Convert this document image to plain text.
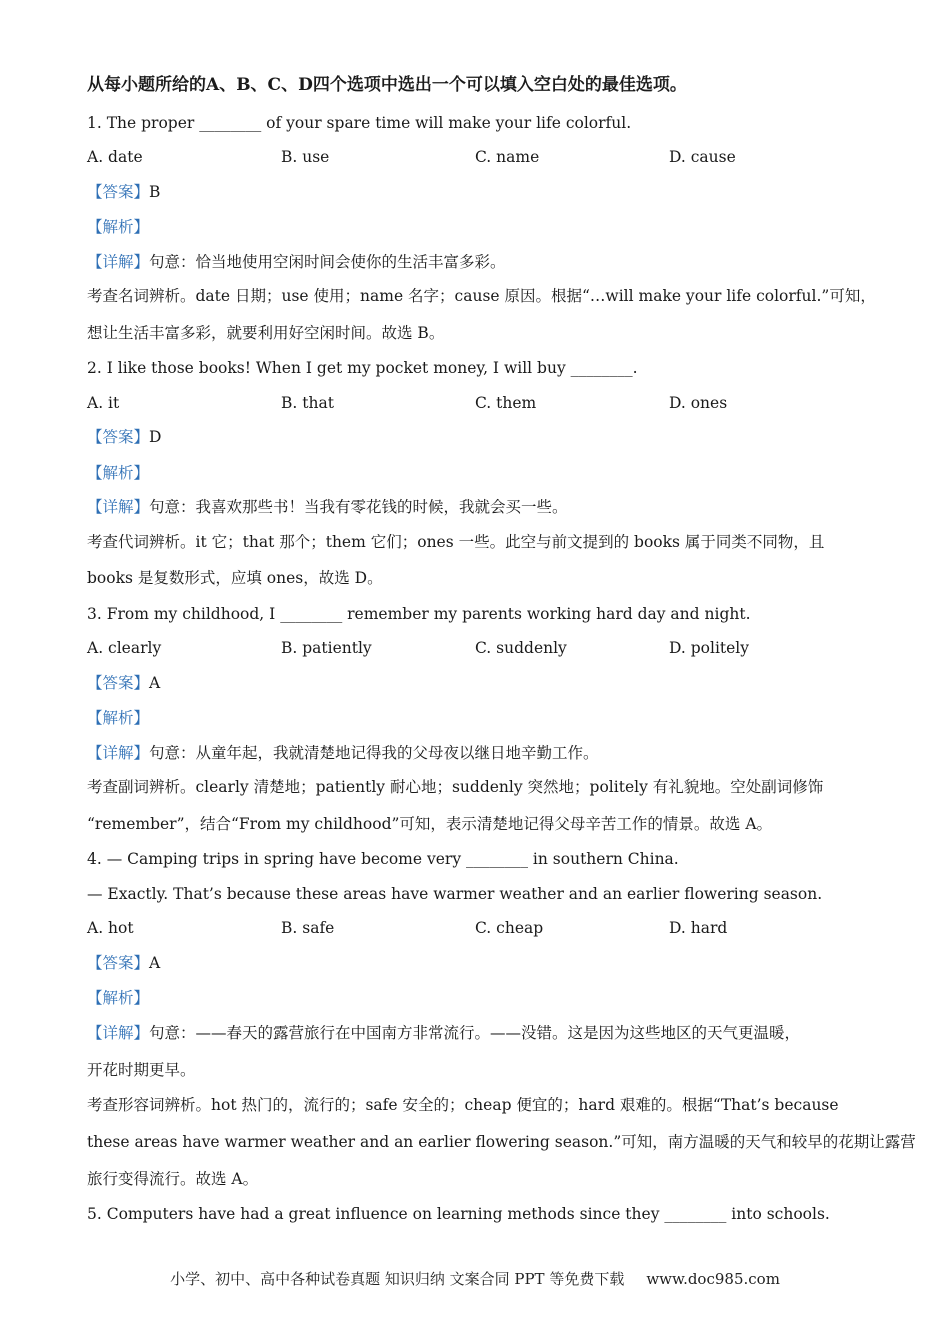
从每小题所给的A、B、C、D四个选项中选出一个可以填入空白处的最佳选项。
1. The proper ________ of your spare time will make your life colorful.
A. date	B. use	C. name	D. cause
【答案】B
【解析】
【详解】句意：恰当地使用空闲时间会使你的生活丰富多彩。
考查名词辨析。date 日期；use 使用；name 名字；cause 原因。根据“…will make your life colorful.”可知，
想让生活丰富多彩，就要利用好空闲时间。故选 B。
2. I like those books! When I get my pocket money, I will buy ________.
A. it	B. that	C. them	D. ones
【答案】D
【解析】
【详解】句意：我喜欢那些书！当我有零花钱的时候，我就会买一些。
考查代词辨析。it 它；that 那个；them 它们；ones 一些。此空与前文提到的 books 属于同类不同物，且
books 是复数形式，应填 ones，故选 D。
3. From my childhood, I ________ remember my parents working hard day and night.
A. clearly	B. patiently	C. suddenly	D. politely
【答案】A
【解析】
【详解】句意：从童年起，我就清楚地记得我的父母夜以继日地辛勤工作。
考查副词辨析。clearly 清楚地；patiently 耐心地；suddenly 突然地；politely 有礼貌地。空处副词修饰
“remember”，结合“From my childhood”可知，表示清楚地记得父母辛苦工作的情景。故选 A。
4. — Camping trips in spring have become very ________ in southern China.
— Exactly. That’s because these areas have warmer weather and an earlier flowering season.
A. hot	B. safe	C. cheap	D. hard
【答案】A
【解析】
【详解】句意：——春天的露营旅行在中国南方非常流行。——没错。这是因为这些地区的天气更温暖，
开花时期更早。
考查形容词辨析。hot 热门的，流行的；safe 安全的；cheap 便宜的；hard 艰难的。根据“That’s because
these areas have warmer weather and an earlier flowering season.”可知，南方温暖的天气和较早的花期让露营
旅行变得流行。故选 A。
5. Computers have had a great influence on learning methods since they ________ into schools.
小学、初中、高中各种试卷真题 知识归纳 文案合同 PPT 等免费下载 www.doc985.com
